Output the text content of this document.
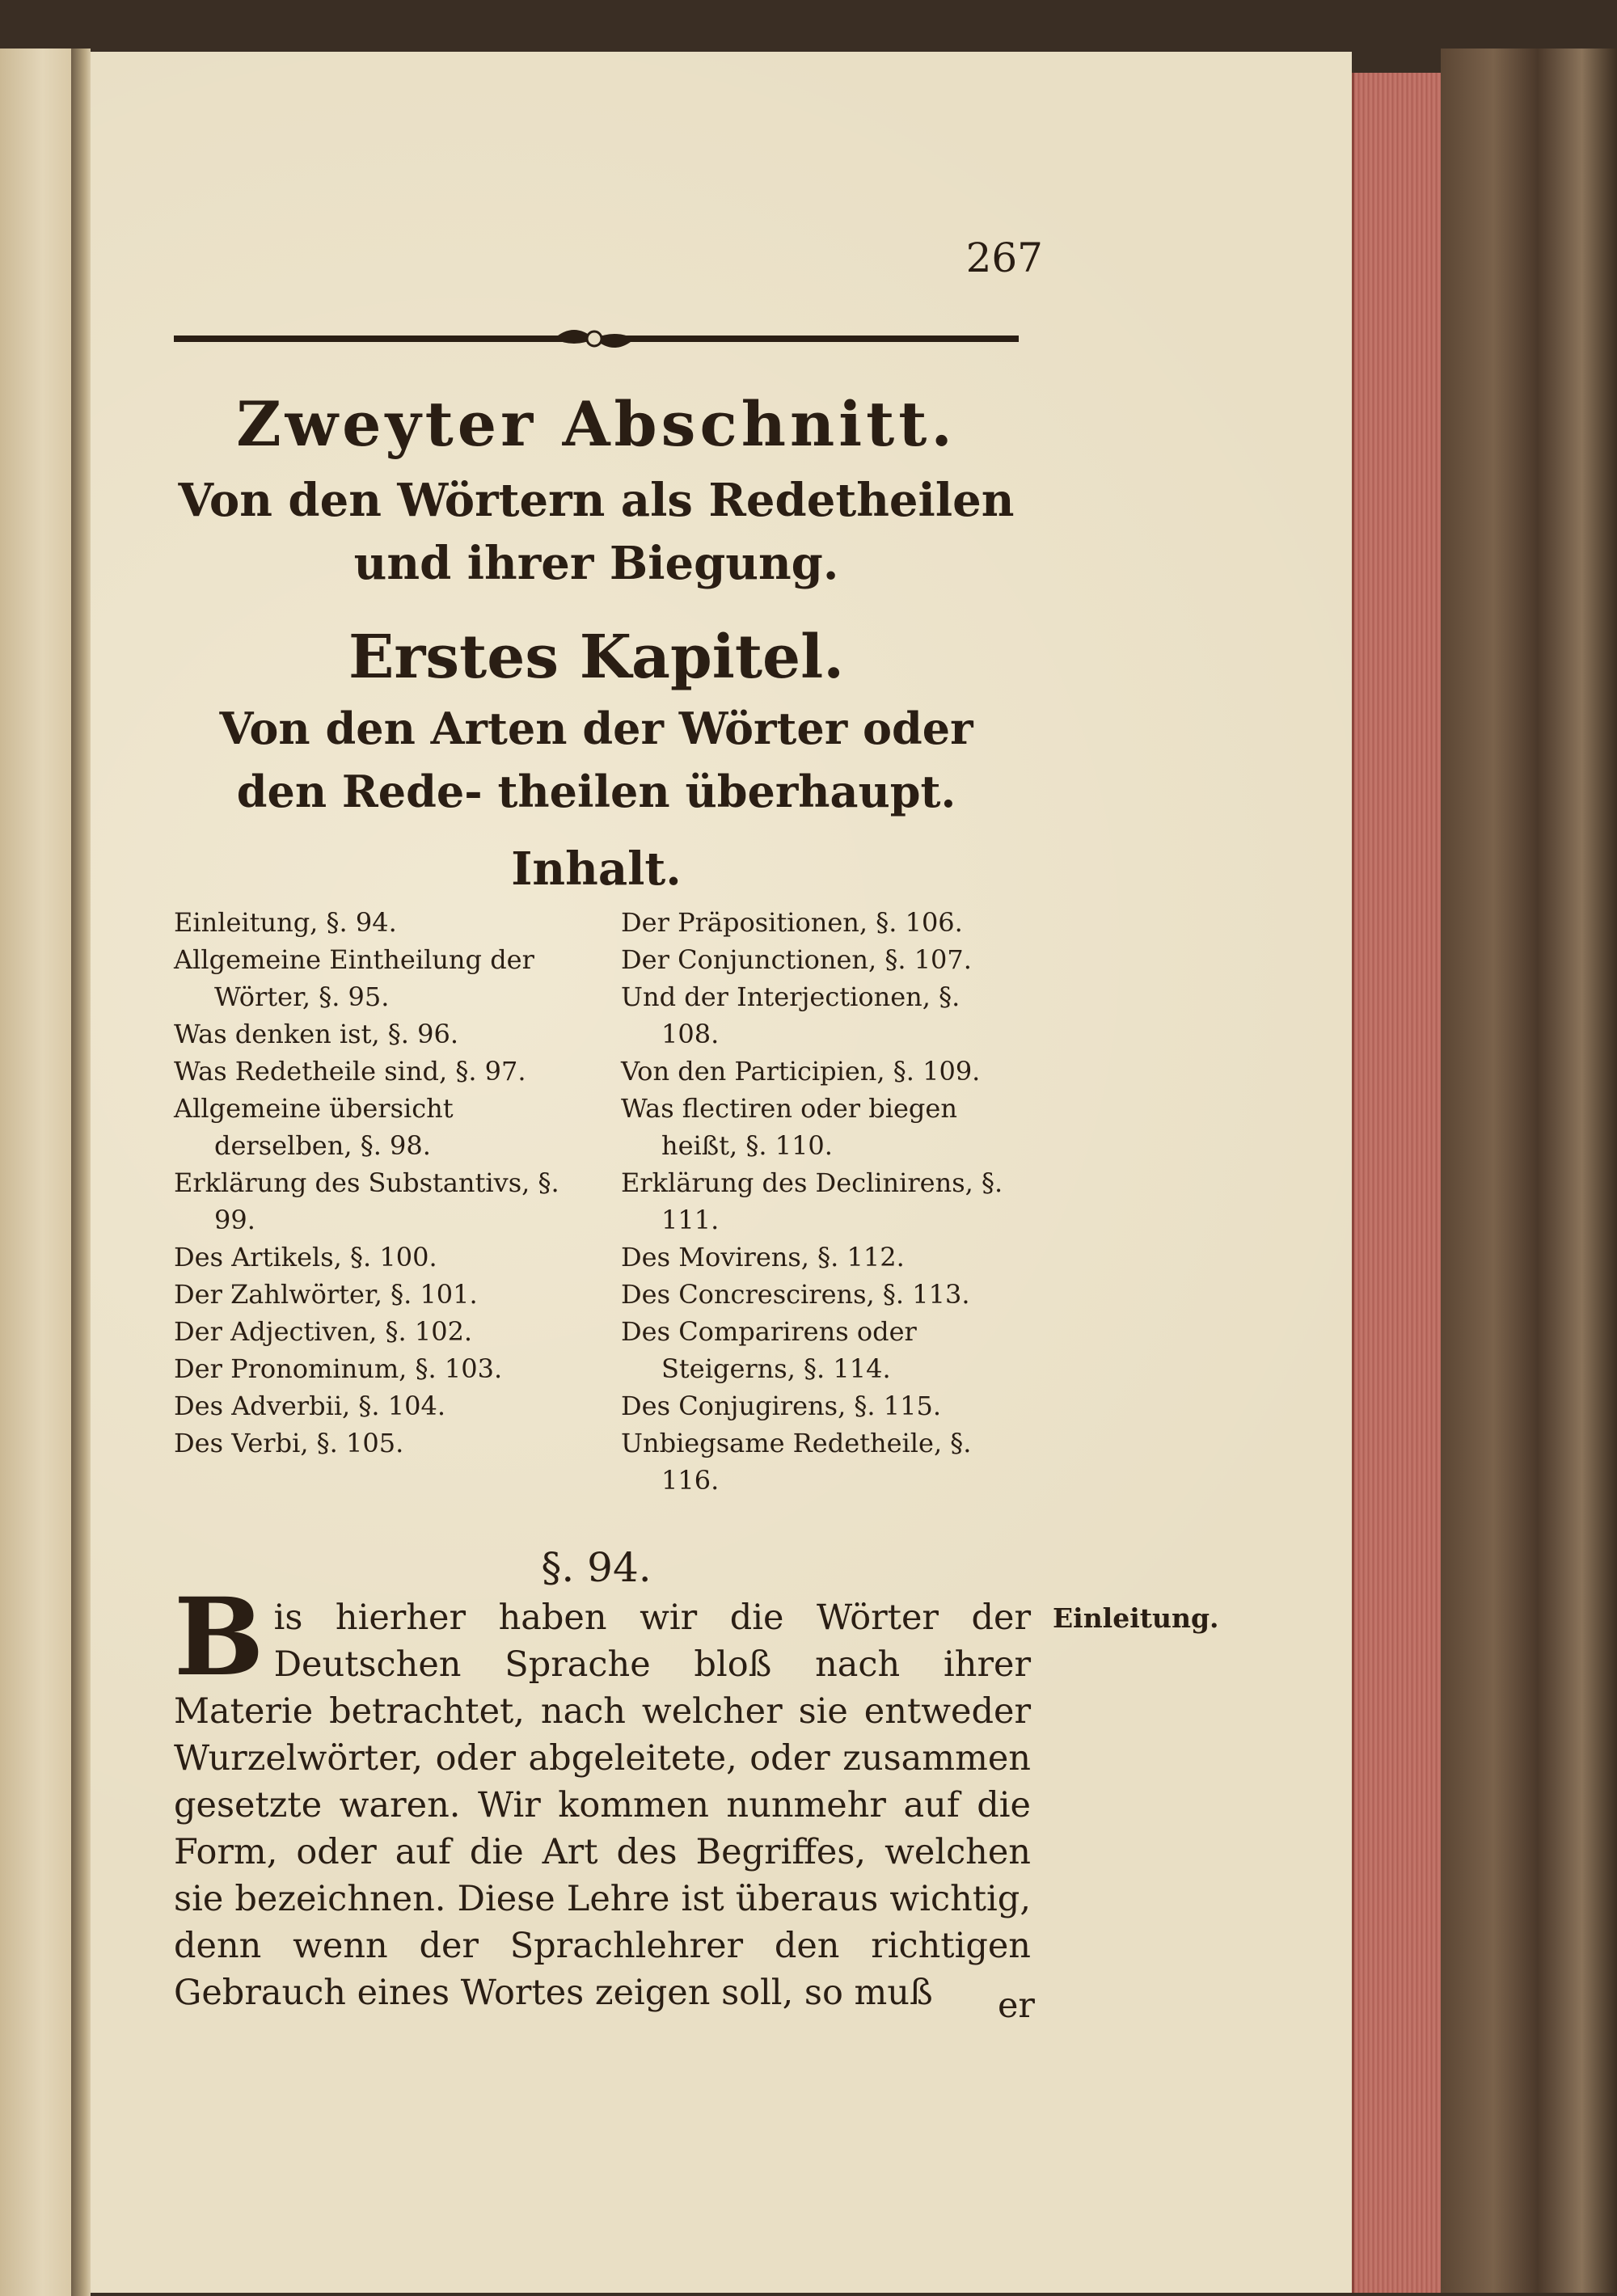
267
Zweyter Abschnitt.
Von den Wörtern als Redetheilen und ihrer Biegung.
Erstes Kapitel.
Von den Arten der Wörter oder den Rede- theilen überhaupt.
Inhalt.
Einleitung, §. 94.
Allgemeine Eintheilung der Wörter, §. 95.
Was denken ist, §. 96.
Was Redetheile sind, §. 97.
Allgemeine übersicht derselben, §. 98.
Erklärung des Substantivs, §. 99.
Des Artikels, §. 100.
Der Zahlwörter, §. 101.
Der Adjectiven, §. 102.
Der Pronominum, §. 103.
Des Adverbii, §. 104.
Des Verbi, §. 105.
Der Präpositionen, §. 106.
Der Conjunctionen, §. 107.
Und der Interjectionen, §. 108.
Von den Participien, §. 109.
Was flectiren oder biegen heißt, §. 110.
Erklärung des Declinirens, §. 111.
Des Movirens, §. 112.
Des Concrescirens, §. 113.
Des Comparirens oder Steigerns, §. 114.
Des Conjugirens, §. 115.
Unbiegsame Redetheile, §. 116.
§. 94.
Bis hierher haben wir die Wörter der Deutschen Sprache bloß nach ihrer Materie betrachtet, nach welcher sie entweder Wurzelwörter, oder abgeleitete, oder zusammen gesetzte waren. Wir kommen nunmehr auf die Form, oder auf die Art des Begriffes, welchen sie bezeichnen. Diese Lehre ist überaus wichtig, denn wenn der Sprachlehrer den richtigen Gebrauch eines Wortes zeigen soll, so muß
Einleitung.
er
